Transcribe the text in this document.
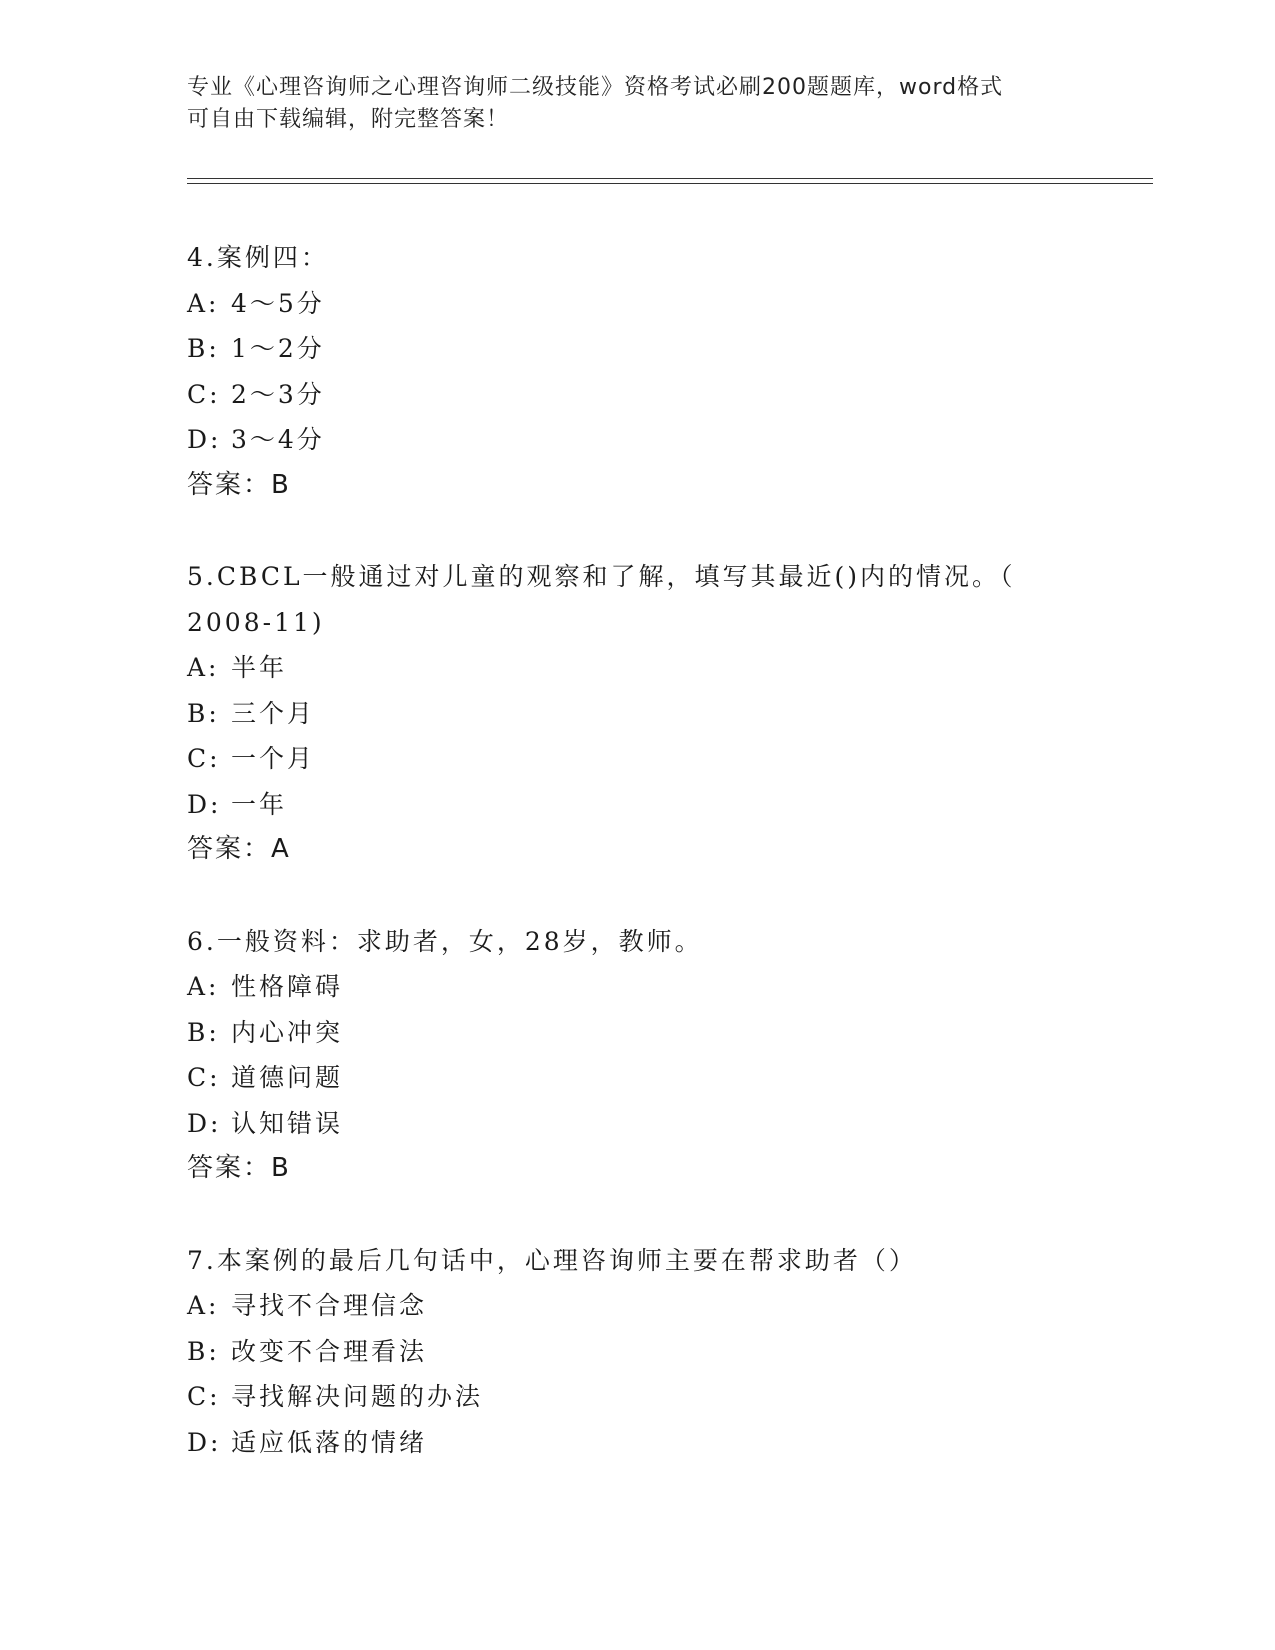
专业《心理咨询师之心理咨询师二级技能》资格考试必刷200题题库，word格式
可自由下载编辑，附完整答案！
4.案例四：
A: 4～5分
B: 1～2分
C: 2～3分
D: 3～4分
答案：B
5.CBCL一般通过对儿童的观察和了解，填写其最近()内的情况。（
2008-11)
A: 半年
B: 三个月
C: 一个月
D: 一年
答案：A
6.一般资料：求助者，女，28岁，教师。
A: 性格障碍
B: 内心冲突
C: 道德问题
D: 认知错误
答案：B
7.本案例的最后几句话中，心理咨询师主要在帮求助者（）
A: 寻找不合理信念
B: 改变不合理看法
C: 寻找解决问题的办法
D: 适应低落的情绪
